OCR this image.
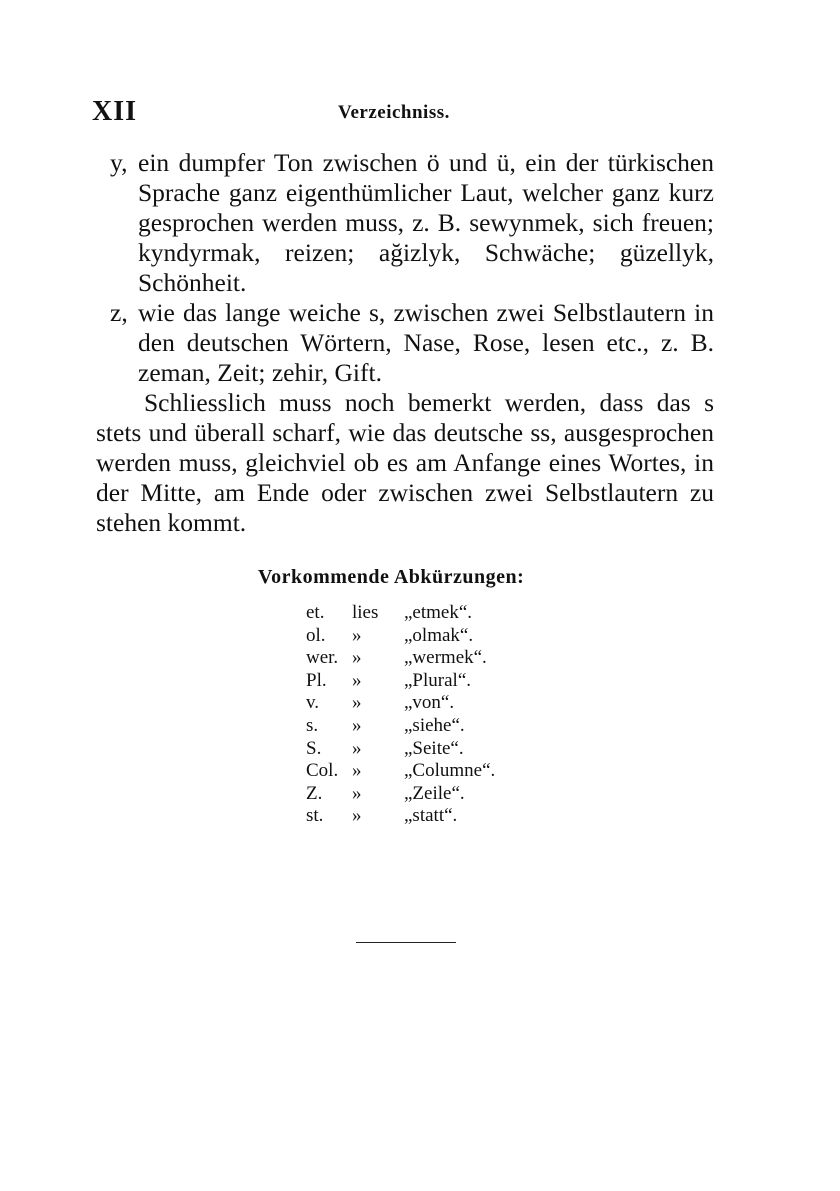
XII	Verzeichniss.
y, ein dumpfer Ton zwischen ö und ü, ein der türkischen Sprache ganz eigenthümlicher Laut, welcher ganz kurz gesprochen werden muss, z. B. sewynmek, sich freuen; kyndyrmak, reizen; ağizlyk, Schwäche; güzellyk, Schönheit.
z, wie das lange weiche s, zwischen zwei Selbstlautern in den deutschen Wörtern, Nase, Rose, lesen etc., z. B. zeman, Zeit; zehir, Gift.
Schliesslich muss noch bemerkt werden, dass das s stets und überall scharf, wie das deutsche ss, ausgesprochen werden muss, gleichviel ob es am Anfange eines Wortes, in der Mitte, am Ende oder zwischen zwei Selbstlautern zu stehen kommt.
Vorkommende Abkürzungen:
et.	lies	„etmek“.
ol.	»	„olmak“.
wer.	»	„wermek“.
Pl.	»	„Plural“.
v.	»	„von“.
s.	»	„siehe“.
S.	»	„Seite“.
Col.	»	„Columne“.
Z.	»	„Zeile“.
st.	»	„statt“.
